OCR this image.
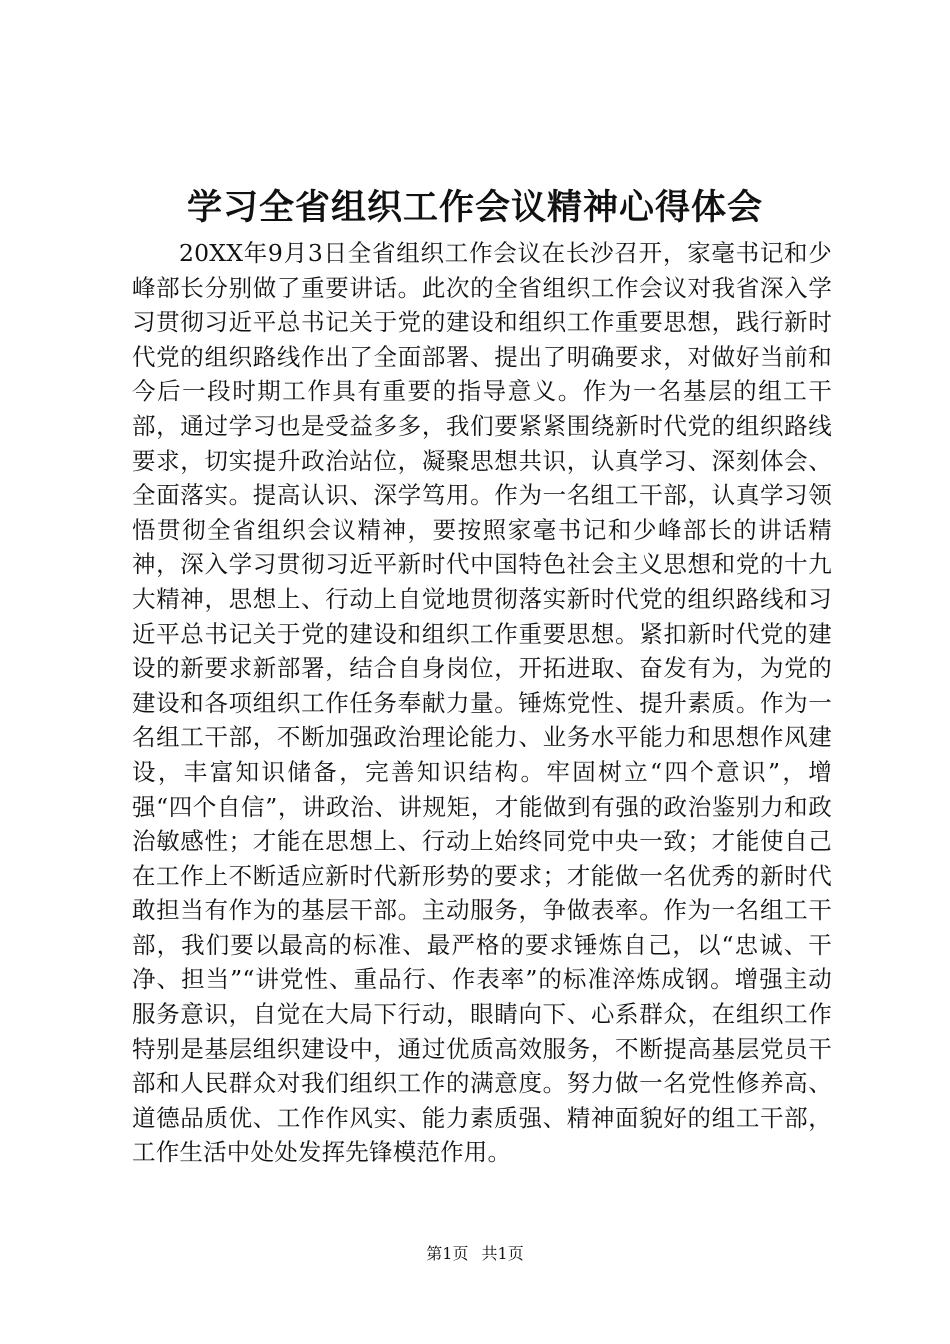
学习全省组织工作会议精神心得体会

20XX年9月3日全省组织工作会议在长沙召开，家毫书记和少峰部长分别做了重要讲话。此次的全省组织工作会议对我省深入学习贯彻习近平总书记关于党的建设和组织工作重要思想，践行新时代党的组织路线作出了全面部署、提出了明确要求，对做好当前和今后一段时期工作具有重要的指导意义。作为一名基层的组工干部，通过学习也是受益多多，我们要紧紧围绕新时代党的组织路线要求，切实提升政治站位，凝聚思想共识，认真学习、深刻体会、全面落实。提高认识、深学笃用。作为一名组工干部，认真学习领悟贯彻全省组织会议精神，要按照家毫书记和少峰部长的讲话精神，深入学习贯彻习近平新时代中国特色社会主义思想和党的十九大精神，思想上、行动上自觉地贯彻落实新时代党的组织路线和习近平总书记关于党的建设和组织工作重要思想。紧扣新时代党的建设的新要求新部署，结合自身岗位，开拓进取、奋发有为，为党的建设和各项组织工作任务奉献力量。锤炼党性、提升素质。作为一名组工干部，不断加强政治理论能力、业务水平能力和思想作风建设，丰富知识储备，完善知识结构。牢固树立“四个意识”，增强“四个自信”，讲政治、讲规矩，才能做到有强的政治鉴别力和政治敏感性；才能在思想上、行动上始终同党中央一致；才能使自己在工作上不断适应新时代新形势的要求；才能做一名优秀的新时代敢担当有作为的基层干部。主动服务，争做表率。作为一名组工干部，我们要以最高的标准、最严格的要求锤炼自己，以“忠诚、干净、担当”“讲党性、重品行、作表率”的标准淬炼成钢。增强主动服务意识，自觉在大局下行动，眼睛向下、心系群众，在组织工作特别是基层组织建设中，通过优质高效服务，不断提高基层党员干部和人民群众对我们组织工作的满意度。努力做一名党性修养高、道德品质优、工作作风实、能力素质强、精神面貌好的组工干部，工作生活中处处发挥先锋模范作用。

第1页 共1页
